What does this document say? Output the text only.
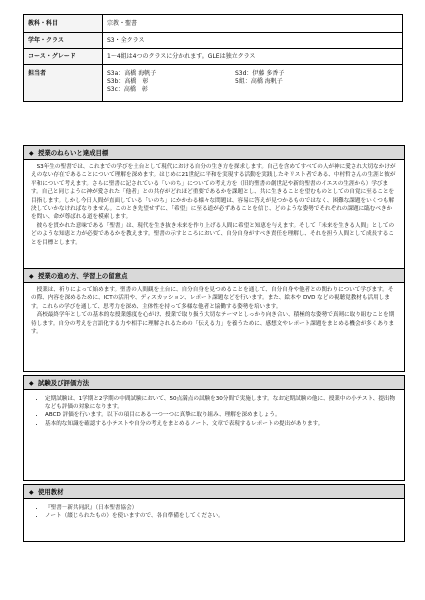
教科・科目	宗教・聖書
学年・クラス	S3・全クラス
コース・グレード	1～4組は4つのクラスに分かれます。GLEは独立クラス
担当者	S3a：高橋 海帆子 S3d：伊藤 多香子
S3b：高橋　彰 5組：高橋 海帆子
S3c：高橋　彰
◆ 授業のねらいと達成目標

S3年生の聖書では、これまでの学びを土台として現代における自分の生き方を探求します。自己を含めてすべての人が神に愛され大切なかけがえのない存在であることについて理解を深めます。はじめに21世紀に平和を実現する活動を実践したキリスト者である、中村哲さんの生涯と彼が平和について考えます。さらに聖書に記されている「いのち」についての考え方を（旧約聖書の創世記や新約聖書のイエスの生涯から）学びます。自己と同じように神が愛された「他者」との共存がどれほど重要であるかを課題とし、共に生きることを望むものとしての自覚に至ることを目指します。しかし今日人間が直面している「いのち」にかかわる様々な問題は、容易に答えが見つかるものではなく、困難な課題をいくつも解決していかなければなりません。このとき先望せずに、「希望」に至る道が必ずあることを信じ、どのような姿勢でそれぞれの課題に臨むべきかを問い、命が尊ばれる道を模索します。

彼らを貫かれた意味である「聖書」は、現代を生き抜き未来を作り上げる人間に希望と知恵を与えます。そして「未来を生きる人間」としてのどのような知恵と力が必要であるかを教えます。聖書の示すところにおいて、自分自身がすべき責任を理解し、それを担う人間として成長することを目標とします。

◆ 授業の進め方、学習上の留意点

授業は、祈りによって始めます。聖書の人間観を土台に、自分自身を見つめることを通して、自分自身や他者との関わりについて学びます。その際、内容を深めるために、ICTの活用や、ディスカッション、レポート課題などを行います。また、絵本や DVD などの視聴覚教材も活用します。これらの学びを通して、思考力を深め、主体性を持って多様な他者と協働する姿勢を培います。

高校最終学年としての基本的な授業態度を心がけ、授業で取り扱う大切なテーマとしっかり向き合い、積極的な姿勢で真剣に取り組むことを期待します。自分の考えを言語化する力や相手に理解されるための「伝える力」を養うために、感想文やレポート課題をまとめる機会が多くあります。

◆ 試験及び評価方法
• 定期試験は、1学期と2学期の中間試験において、50点満点の試験を30分間で実施します。なお定期試験の他に、授業中の小テスト、提出物なども評価の対象になります。
• ABCD 評価を行います。以下の項目にある一つ一つに真摯に取り組み、理解を深めましょう。
• 基本的な知識を確認する小テストや自分の考えをまとめるノート、文章で表現するレポートの提出があります。
◆ 使用教材
• 『聖書－新共同訳』（日本聖書協会）
• ノート（綴じられたもの）を使いますので、各自準備をしてください。
